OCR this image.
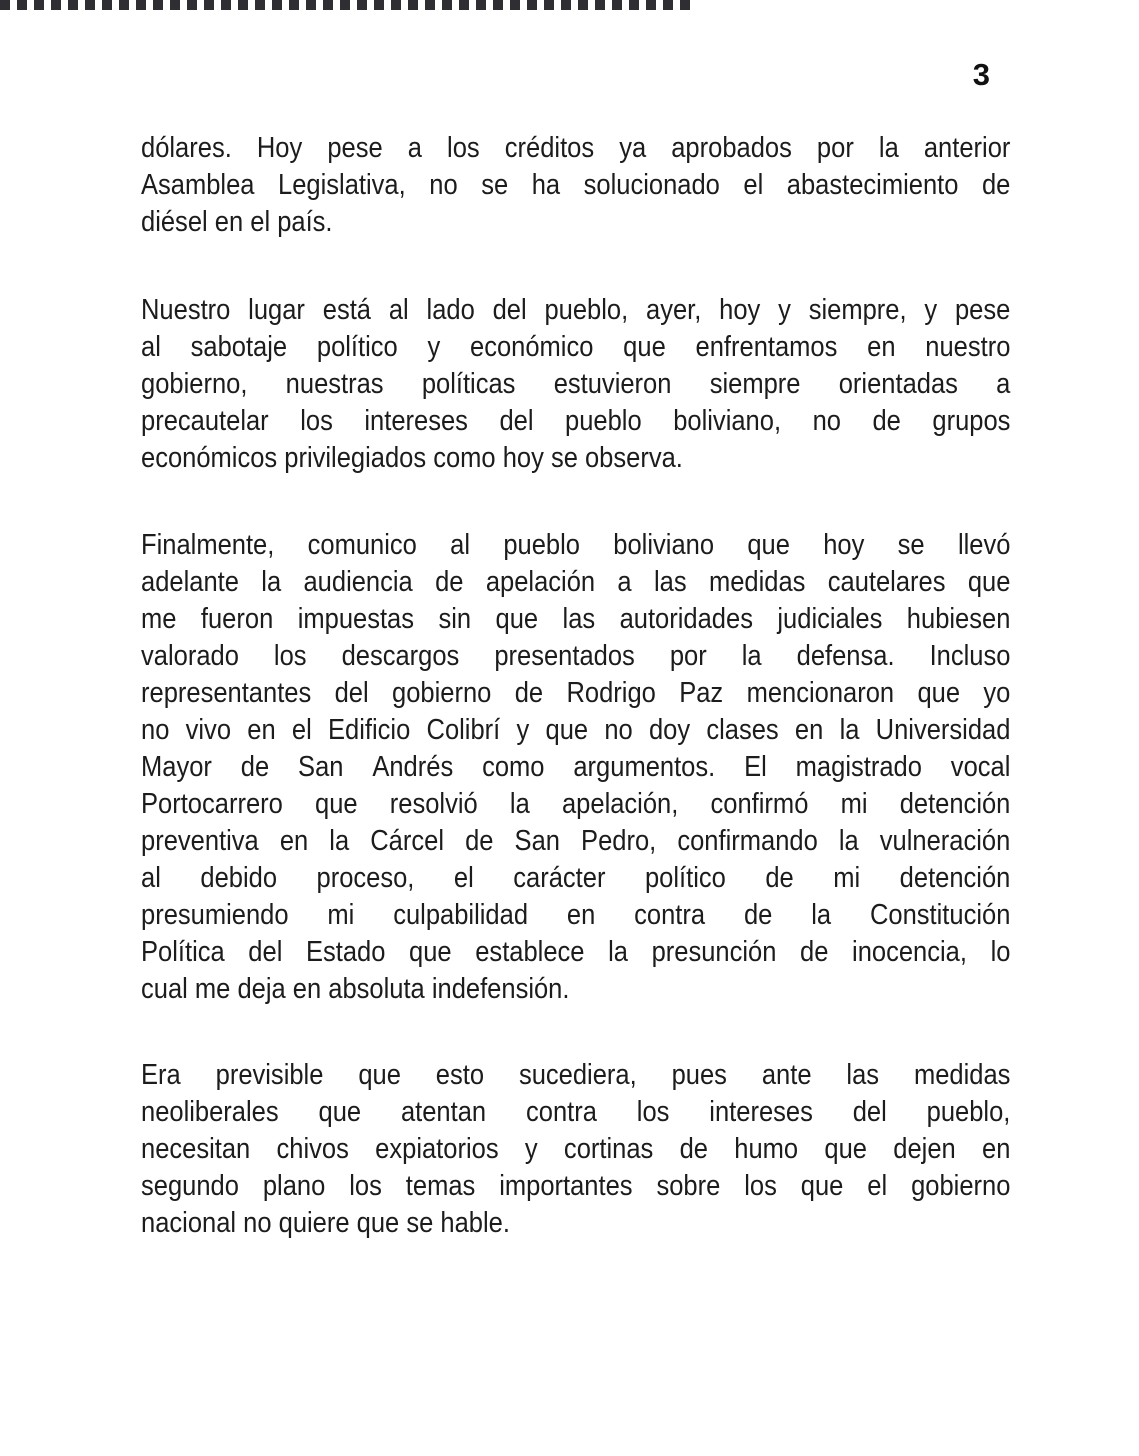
3
dólares. Hoy pese a los créditos ya aprobados por la anterior
Asamblea Legislativa, no se ha solucionado el abastecimiento de
diésel en el país.
Nuestro lugar está al lado del pueblo, ayer, hoy y siempre, y pese
al sabotaje político y económico que enfrentamos en nuestro
gobierno, nuestras políticas estuvieron siempre orientadas a
precautelar los intereses del pueblo boliviano, no de grupos
económicos privilegiados como hoy se observa.
Finalmente, comunico al pueblo boliviano que hoy se llevó
adelante la audiencia de apelación a las medidas cautelares que
me fueron impuestas sin que las autoridades judiciales hubiesen
valorado los descargos presentados por la defensa. Incluso
representantes del gobierno de Rodrigo Paz mencionaron que yo
no vivo en el Edificio Colibrí y que no doy clases en la Universidad
Mayor de San Andrés como argumentos. El magistrado vocal
Portocarrero que resolvió la apelación, confirmó mi detención
preventiva en la Cárcel de San Pedro, confirmando la vulneración
al debido proceso, el carácter político de mi detención
presumiendo mi culpabilidad en contra de la Constitución
Política del Estado que establece la presunción de inocencia, lo
cual me deja en absoluta indefensión.
Era previsible que esto sucediera, pues ante las medidas
neoliberales que atentan contra los intereses del pueblo,
necesitan chivos expiatorios y cortinas de humo que dejen en
segundo plano los temas importantes sobre los que el gobierno
nacional no quiere que se hable.
